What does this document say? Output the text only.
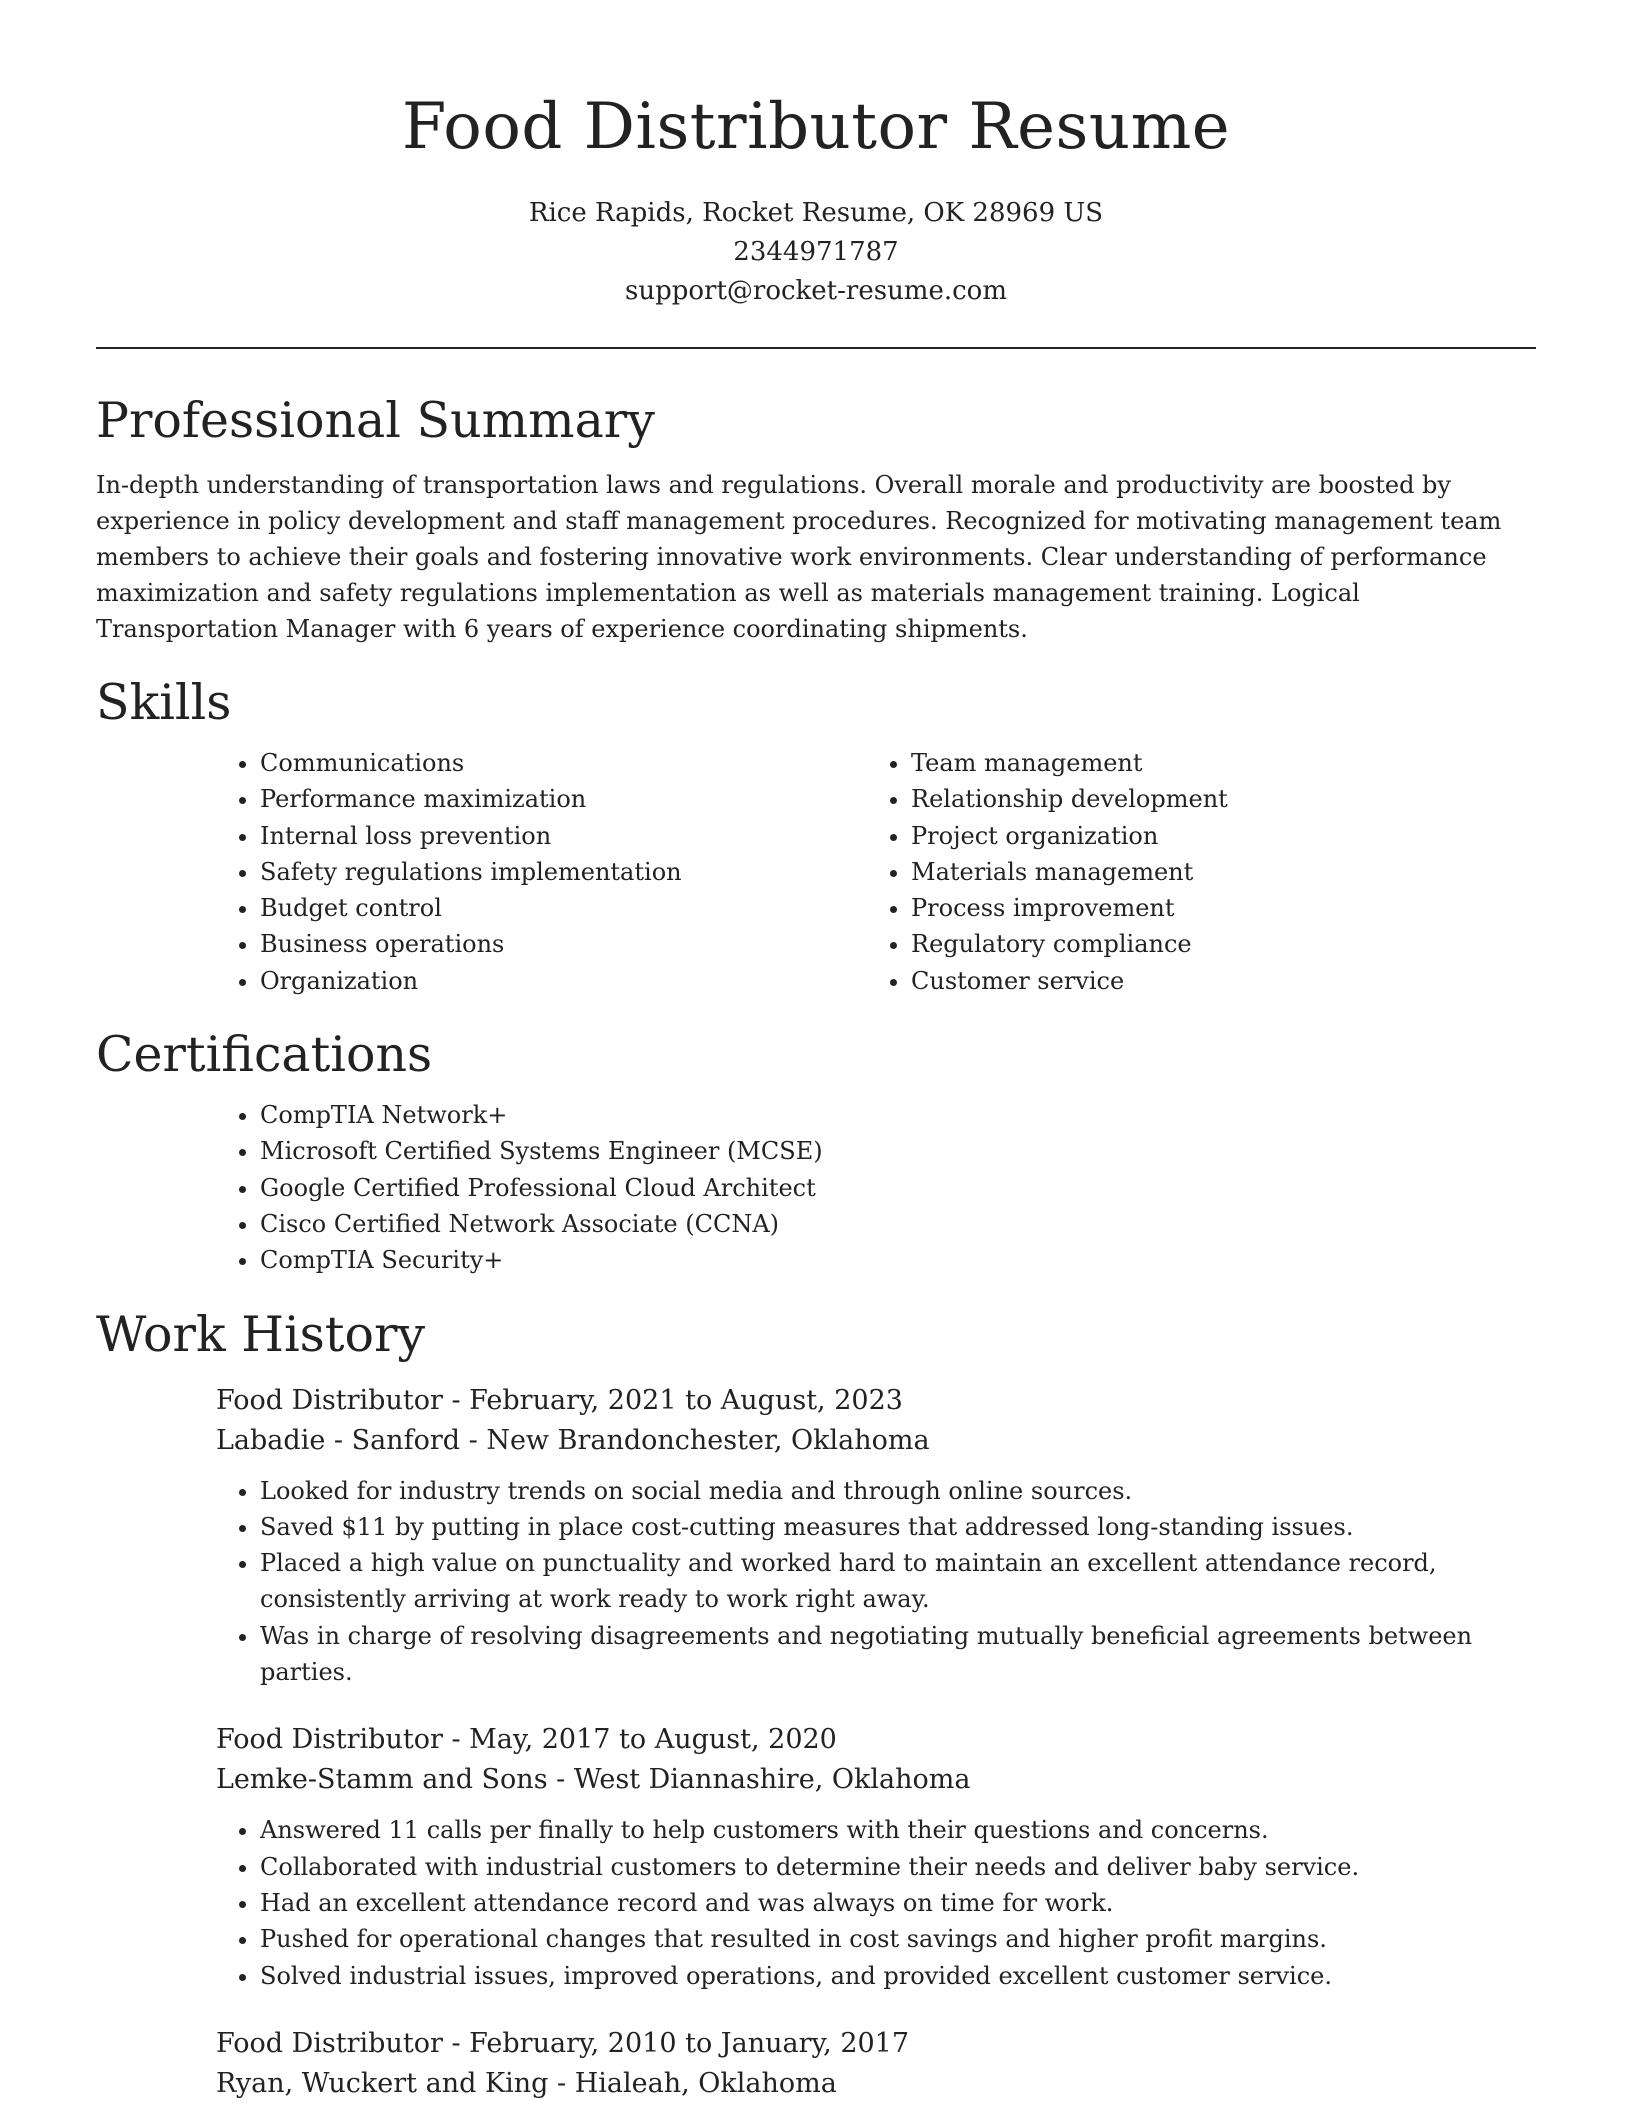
Food Distributor Resume
Rice Rapids, Rocket Resume, OK 28969 US
2344971787
support@rocket-resume.com
Professional Summary

In-depth understanding of transportation laws and regulations. Overall morale and productivity are boosted by experience in policy development and staff management procedures. Recognized for motivating management team members to achieve their goals and fostering innovative work environments. Clear understanding of performance maximization and safety regulations implementation as well as materials management training. Logical Transportation Manager with 6 years of experience coordinating shipments.

Skills
• Communications
• Performance maximization
• Internal loss prevention
• Safety regulations implementation
• Budget control
• Business operations
• Organization
• Team management
• Relationship development
• Project organization
• Materials management
• Process improvement
• Regulatory compliance
• Customer service
Certifications
• CompTIA Network+
• Microsoft Certified Systems Engineer (MCSE)
• Google Certified Professional Cloud Architect
• Cisco Certified Network Associate (CCNA)
• CompTIA Security+
Work History

Food Distributor - February, 2021 to August, 2023

Labadie - Sanford - New Brandonchester, Oklahoma

• Looked for industry trends on social media and through online sources.
• Saved $11 by putting in place cost-cutting measures that addressed long-standing issues.
• Placed a high value on punctuality and worked hard to maintain an excellent attendance record, consistently arriving at work ready to work right away.
• Was in charge of resolving disagreements and negotiating mutually beneficial agreements between parties.

Food Distributor - May, 2017 to August, 2020

Lemke-Stamm and Sons - West Diannashire, Oklahoma

• Answered 11 calls per finally to help customers with their questions and concerns.
• Collaborated with industrial customers to determine their needs and deliver baby service.
• Had an excellent attendance record and was always on time for work.
• Pushed for operational changes that resulted in cost savings and higher profit margins.
• Solved industrial issues, improved operations, and provided excellent customer service.

Food Distributor - February, 2010 to January, 2017

Ryan, Wuckert and King - Hialeah, Oklahoma
